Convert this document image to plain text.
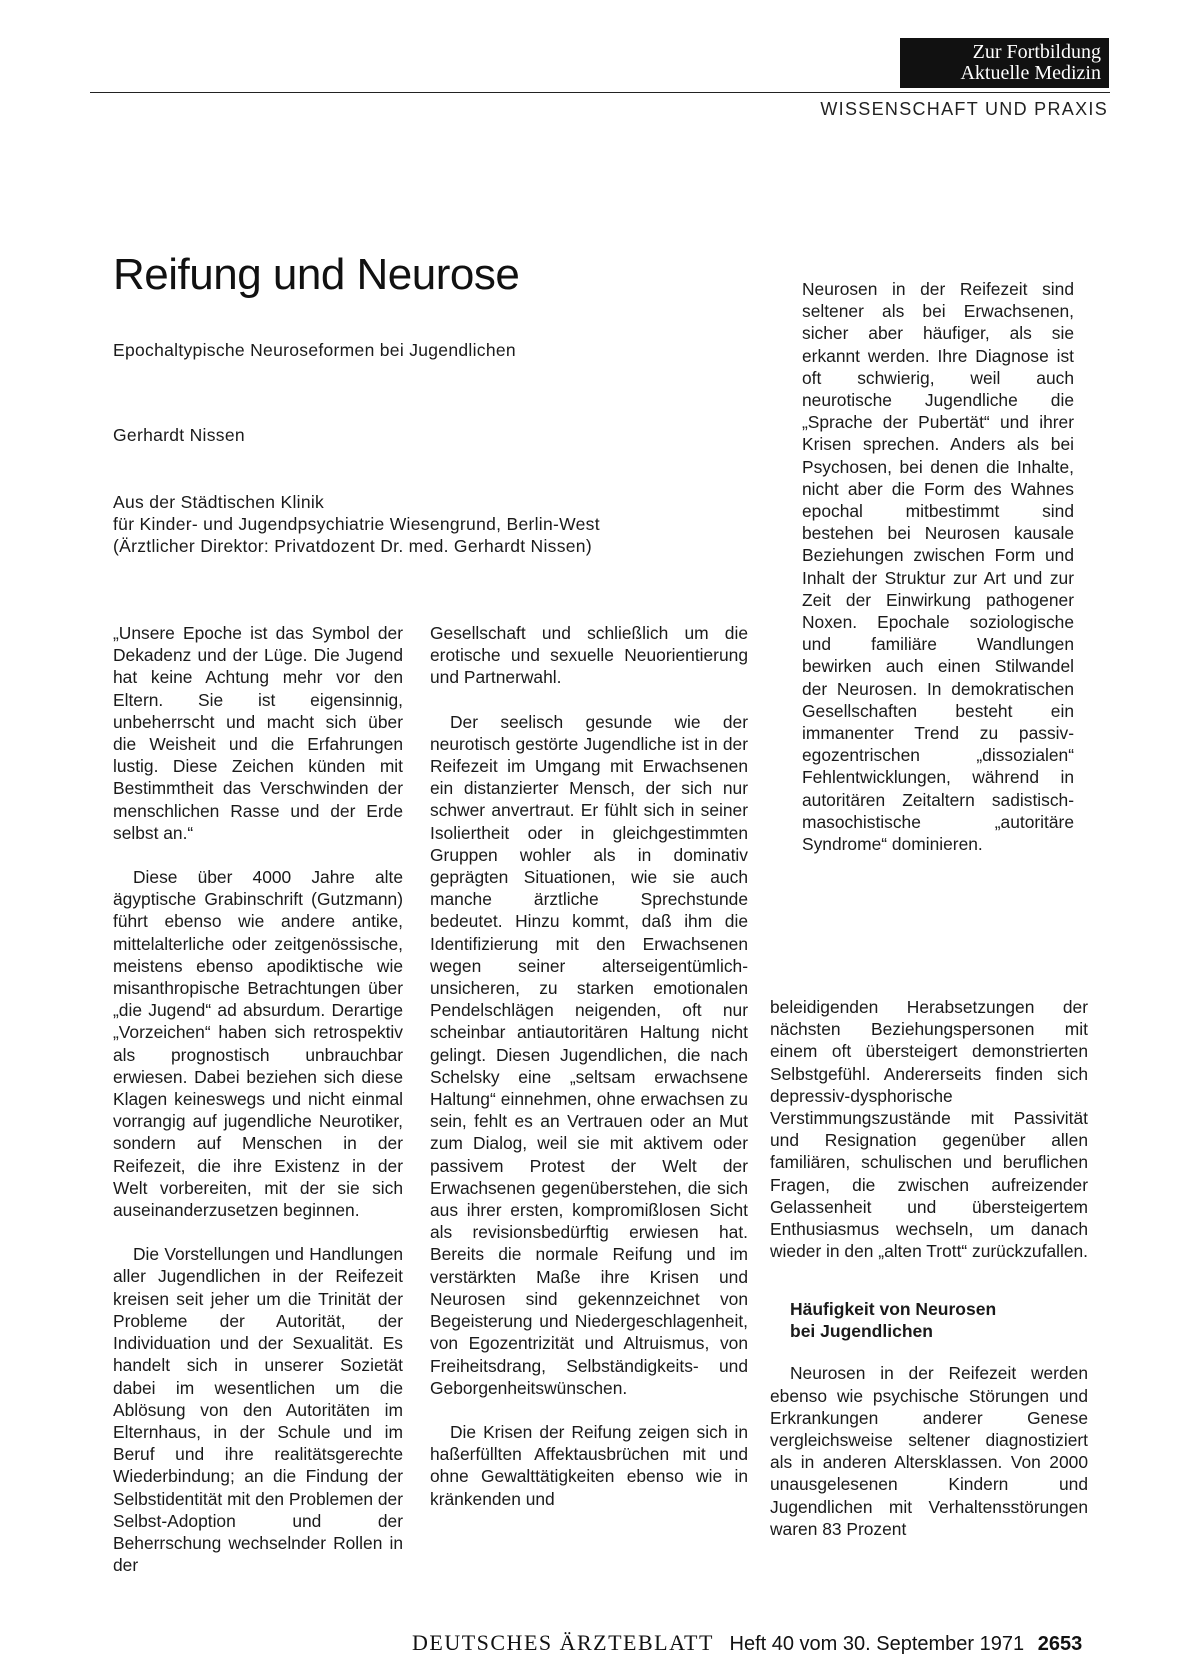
Zur Fortbildung
Aktuelle Medizin
WISSENSCHAFT UND PRAXIS
Reifung und Neurose
Epochaltypische Neuroseformen bei Jugendlichen
Gerhardt Nissen
Aus der Städtischen Klinik
für Kinder- und Jugendpsychiatrie Wiesengrund, Berlin-West
(Ärztlicher Direktor: Privatdozent Dr. med. Gerhardt Nissen)

„Unsere Epoche ist das Symbol der Dekadenz und der Lüge. Die Jugend hat keine Achtung mehr vor den Eltern. Sie ist eigensinnig, unbeherrscht und macht sich über die Weisheit und die Erfahrungen lustig. Diese Zeichen künden mit Bestimmtheit das Verschwinden der menschlichen Rasse und der Erde selbst an.“

Diese über 4000 Jahre alte ägyptische Grabinschrift (Gutzmann) führt ebenso wie andere antike, mittelalterliche oder zeitgenössische, meistens ebenso apodiktische wie misanthropische Betrachtungen über „die Jugend“ ad absurdum. Derartige „Vorzeichen“ haben sich retrospektiv als prognostisch unbrauchbar erwiesen. Dabei beziehen sich diese Klagen keineswegs und nicht einmal vorrangig auf jugendliche Neurotiker, sondern auf Menschen in der Reifezeit, die ihre Existenz in der Welt vorbereiten, mit der sie sich auseinanderzusetzen beginnen.

Die Vorstellungen und Handlungen aller Jugendlichen in der Reifezeit kreisen seit jeher um die Trinität der Probleme der Autorität, der Individuation und der Sexualität. Es handelt sich in unserer Sozietät dabei im wesentlichen um die Ablösung von den Autoritäten im Elternhaus, in der Schule und im Beruf und ihre realitätsgerechte Wiederbindung; an die Findung der Selbstidentität mit den Problemen der Selbst-Adoption und der Beherrschung wechselnder Rollen in der

Gesellschaft und schließlich um die erotische und sexuelle Neuorientierung und Partnerwahl.

Der seelisch gesunde wie der neurotisch gestörte Jugendliche ist in der Reifezeit im Umgang mit Erwachsenen ein distanzierter Mensch, der sich nur schwer anvertraut. Er fühlt sich in seiner Isoliertheit oder in gleichgestimmten Gruppen wohler als in dominativ geprägten Situationen, wie sie auch manche ärztliche Sprechstunde bedeutet. Hinzu kommt, daß ihm die Identifizierung mit den Erwachsenen wegen seiner alterseigentümlich-unsicheren, zu starken emotionalen Pendelschlägen neigenden, oft nur scheinbar antiautoritären Haltung nicht gelingt. Diesen Jugendlichen, die nach Schelsky eine „seltsam erwachsene Haltung“ einnehmen, ohne erwachsen zu sein, fehlt es an Vertrauen oder an Mut zum Dialog, weil sie mit aktivem oder passivem Protest der Welt der Erwachsenen gegenüberstehen, die sich aus ihrer ersten, kompromißlosen Sicht als revisionsbedürftig erwiesen hat. Bereits die normale Reifung und im verstärkten Maße ihre Krisen und Neurosen sind gekennzeichnet von Begeisterung und Niedergeschlagenheit, von Egozentrizität und Altruismus, von Freiheitsdrang, Selbständigkeits- und Geborgenheitswünschen.

Die Krisen der Reifung zeigen sich in haßerfüllten Affektausbrüchen mit und ohne Gewalttätigkeiten ebenso wie in kränkenden und

Neurosen in der Reifezeit sind seltener als bei Erwachsenen, sicher aber häufiger, als sie erkannt werden. Ihre Diagnose ist oft schwierig, weil auch neurotische Jugendliche die „Sprache der Pubertät“ und ihrer Krisen sprechen. Anders als bei Psychosen, bei denen die Inhalte, nicht aber die Form des Wahnes epochal mitbestimmt sind bestehen bei Neurosen kausale Beziehungen zwischen Form und Inhalt der Struktur zur Art und zur Zeit der Einwirkung pathogener Noxen. Epochale soziologische und familiäre Wandlungen bewirken auch einen Stilwandel der Neurosen. In demokratischen Gesellschaften besteht ein immanenter Trend zu passiv-egozentrischen „dissozialen“ Fehlentwicklungen, während in autoritären Zeitaltern sadistisch-masochistische „autoritäre Syndrome“ dominieren.

beleidigenden Herabsetzungen der nächsten Beziehungspersonen mit einem oft übersteigert demonstrierten Selbstgefühl. Andererseits finden sich depressiv-dysphorische Verstimmungszustände mit Passivität und Resignation gegenüber allen familiären, schulischen und beruflichen Fragen, die zwischen aufreizender Gelassenheit und übersteigertem Enthusiasmus wechseln, um danach wieder in den „alten Trott“ zurückzufallen.

Häufigkeit von Neurosen
bei Jugendlichen

Neurosen in der Reifezeit werden ebenso wie psychische Störungen und Erkrankungen anderer Genese vergleichsweise seltener diagnostiziert als in anderen Altersklassen. Von 2000 unausgelesenen Kindern und Jugendlichen mit Verhaltensstörungen waren 83 Prozent

DEUTSCHES ÄRZTEBLATT Heft 40 vom 30. September 1971 2653
